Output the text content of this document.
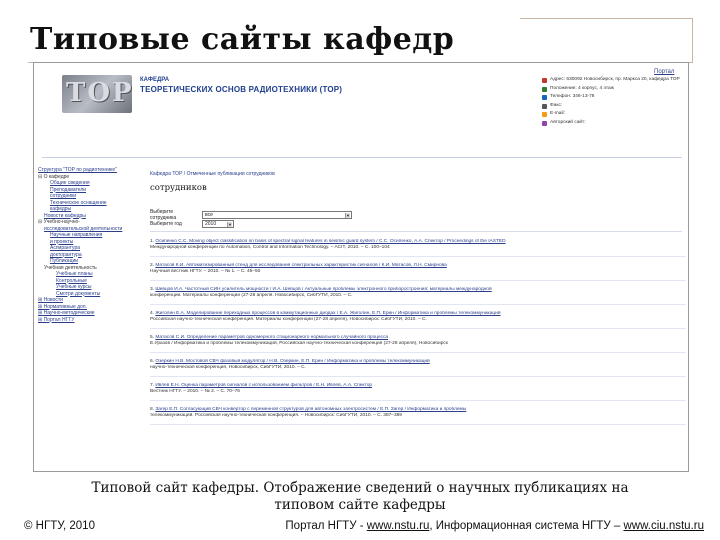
Типовые сайты кафедр
Портал
TOP КАФЕДРА
ТЕОРЕТИЧЕСКИХ ОСНОВ РАДИОТЕХНИКИ (ТОР)
Адрес: 630092 Новосибирск, пр. Маркса 20, кафедра ТОР
Положение: 4 корпус, 4 этаж
Телефон: 346-13-78
Факс:
E-mail:
Авторский сайт:
Структура "ТОР по радиотехнике"
⊟ О кафедре
Общие сведения
Преподаватели
сотрудники
Техническое оснащение
кафедры
Новости кафедры
⊟ Учебно-научно-
исследовательской деятельности
Научные направления
и проекты
Аспирантура
докторантура
Публикации
Учебная деятельность
Учебные планы
Контрольные
Учебные курсы
Смотри документы
⊞ Новости
⊞ Нормативные доп.
⊞ Научно-методические
⊞ Портал НГТУ
Кафедра ТОР / Отмеченные публикации сотрудников
сотрудников
Выберите сотрудника	все	▼
Выберите год	2010	▼
1. Осипенко С.С. Moving object classification on basis of spectral signal features in seismic guard system / С.С. Осипенко, А.А. Спектор / Proceedings of the IASTED
Международной конференции по Automation, Control and Information Technology. – ACIT, 2010. – С. 100–104
2. Матасов К.И. Автоматизированный стенд для исследования спектральных характеристик сигналов / К.И. Матасов, Л.Н. Смирнова
Научный вестник НГТУ. – 2010. – № 1. – С. 45–50
3. Шевцов И.А. Частотный СИН усилитель мощности / И.А. Шевцов / Актуальные проблемы электронного приборостроения: материалы международной
конференции. Материалы конференции (27-28 апреля. Новосибирск, СибГУТИ, 2010. – С.
4. Жиголин Е.А. Моделирование переходных процессов в коммутационных диодах / Е.А. Жиголин, Е.П. Ерин / Информатика и проблемы телекоммуникаций
Российская научно-техническая конференция. Материалы конференции (27-28 апреля), Новосибирск: СибГУТИ, 2010. – С.
5. Матасов С.И. Определение параметров одномерного стационарного нормального случайного процесса
Е.Уразов / Информатика и проблемы телекоммуникаций, Российская научно-техническая конференция (27-28 апреля), Новосибирск
6. Озеркин Н.В. Мостовой СВЧ фазовый модулятор / Н.В. Озеркин, Е.П. Ерин / Информатика и проблемы телекоммуникаций
научно-техническая конференция, Новосибирск, СибГУТИ, 2010. – С.
7. Ивлев Е.Н. Оценка параметров сигналов с использованием фильтров / Е.Н. Ивлев, А.А. Спектор
Вестник НГТУ. – 2010. – № 2. – С. 70–76
8. Загер Е.П. Согласующий СВЧ конвертор с переменной структурой для автономных электросистем / Е.П. Загер / Информатика и проблемы
телекоммуникаций. Российская научно-техническая конференция. – Новосибирск: СибГУТИ, 2010. – С. 387–389
Типовой сайт кафедры. Отображение сведений о научных публикациях на
типовом сайте кафедры
© НГТУ, 2010	Портал НГТУ - www.nstu.ru, Информационная система НГТУ – www.ciu.nstu.ru
